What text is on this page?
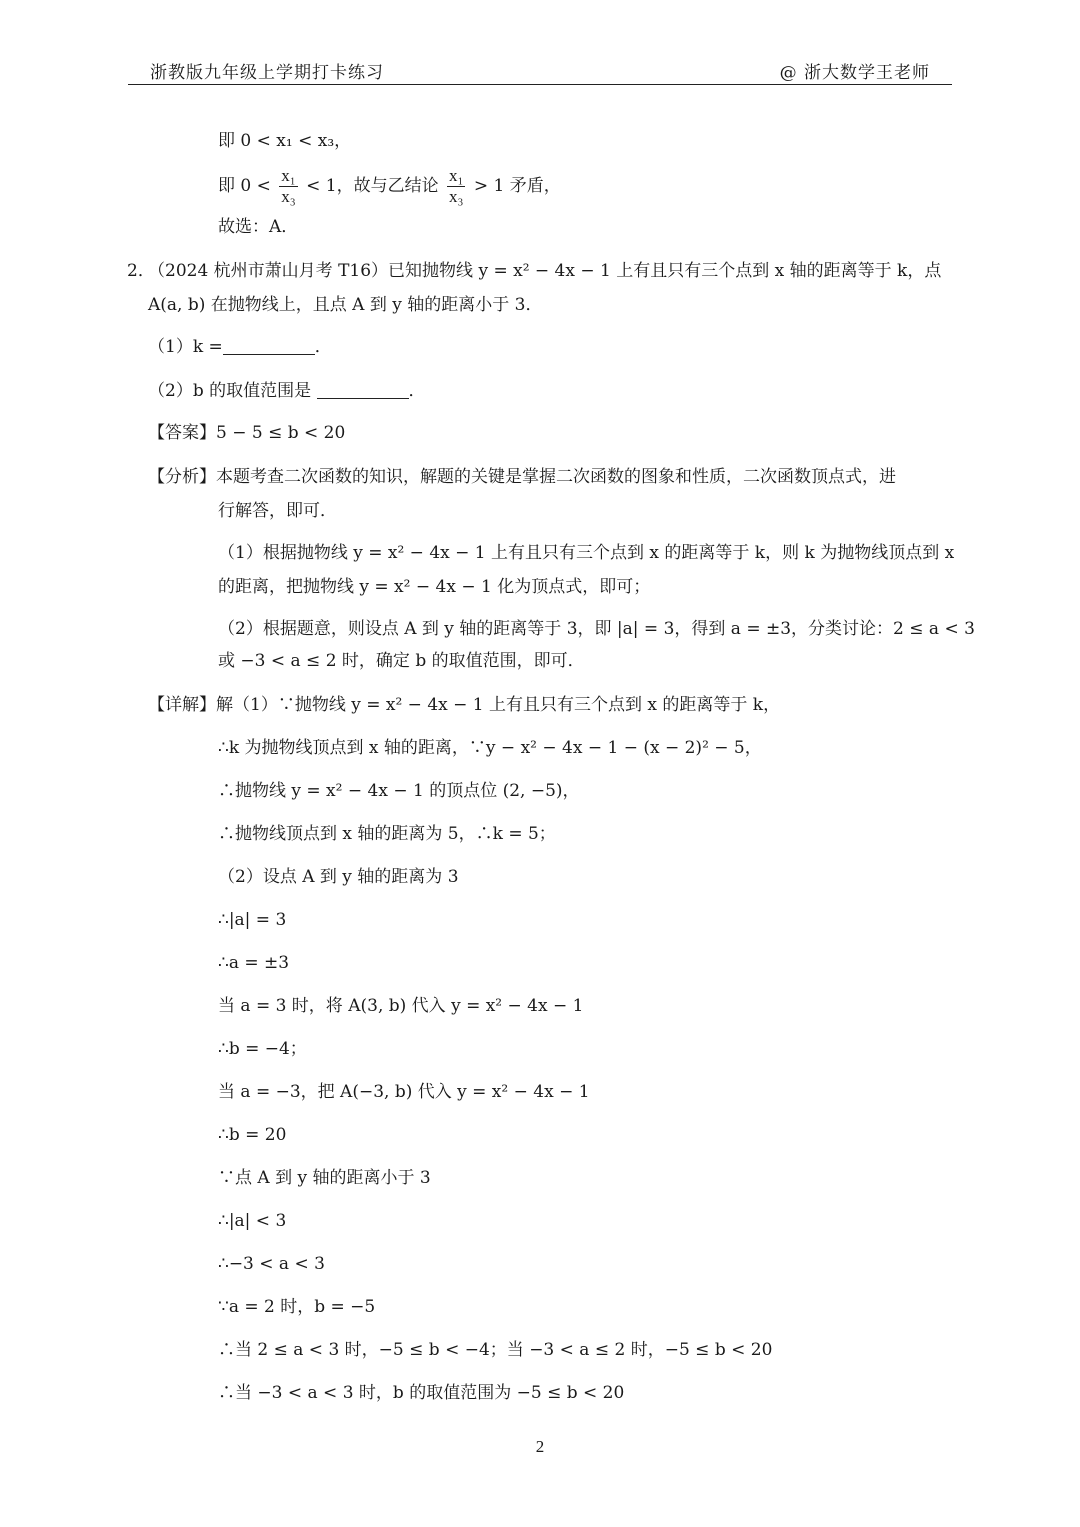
浙教版九年级上学期打卡练习	@ 浙大数学王老师
即 0 < x₁ < x₃，
即 $0 < \frac{\text{x₁}}{\text{x₃}} < 1$，故与乙结论 $\frac{\text{x₁}}{\text{x₃}} > 1$ 矛盾，
故选：A．
2．
（2024 杭州市萧山月考 T16）已知抛物线 y = x² − 4x − 1 上有且只有三个点到 x 轴的距离等于 k，点
A(a, b) 在抛物线上，且点 A 到 y 轴的距离小于 3．
（1）k =	．
（2）b 的取值范围是	．
【答案】5 − 5 ≤ b < 20
【分析】本题考查二次函数的知识，解题的关键是掌握二次函数的图象和性质，二次函数顶点式，进
行解答，即可．
（1）根据抛物线 y = x² − 4x − 1 上有且只有三个点到 x 的距离等于 k，则 k 为抛物线顶点到 x
的距离，把抛物线 y = x² − 4x − 1 化为顶点式，即可；
（2）根据题意，则设点 A 到 y 轴的距离等于 3，即 |a| = 3，得到 a = ±3，分类讨论：2 ≤ a < 3
或 −3 < a ≤ 2 时，确定 b 的取值范围，即可．
【详解】解（1）∵抛物线 y = x² − 4x − 1 上有且只有三个点到 x 的距离等于 k，
∴k 为抛物线顶点到 x 轴的距离，∵y − x² − 4x − 1 − (x − 2)² − 5，
∴抛物线 y = x² − 4x − 1 的顶点位 (2, −5)，
∴抛物线顶点到 x 轴的距离为 5，∴k = 5；
（2）设点 A 到 y 轴的距离为 3
∴|a| = 3
∴a = ±3
当 a = 3 时，将 A(3, b) 代入 y = x² − 4x − 1
∴b = −4；
当 a = −3，把 A(−3, b) 代入 y = x² − 4x − 1
∴b = 20
∵点 A 到 y 轴的距离小于 3
∴|a| < 3
∴−3 < a < 3
∵a = 2 时，b = −5
∴当 2 ≤ a < 3 时，−5 ≤ b < −4；当 −3 < a ≤ 2 时，−5 ≤ b < 20
∴当 −3 < a < 3 时，b 的取值范围为 −5 ≤ b < 20
2
